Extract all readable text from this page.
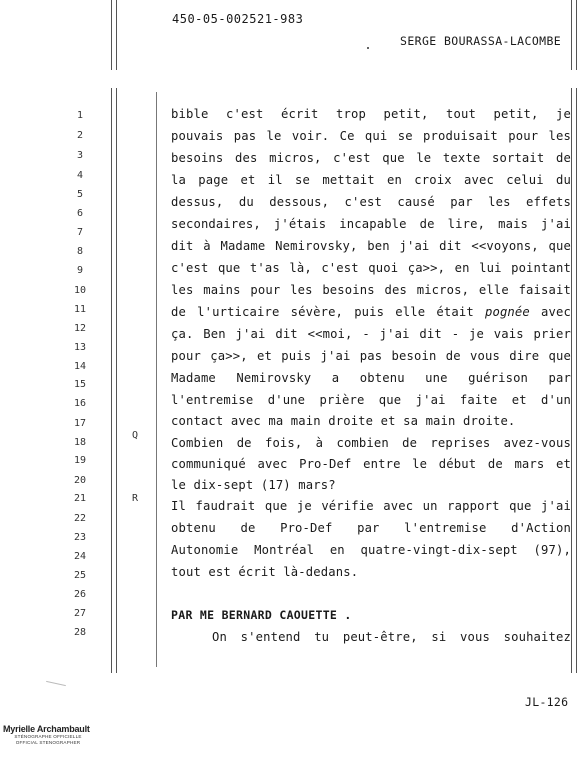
450-05-002521-983
SERGE BOURASSA-LACOMBE
1
2
3
4
5
6
7
8
9
10
11
12
13
14
15
16
17
18
19
20
21
22
23
24
25
26
27
28
Q
R
bible c'est écrit trop petit, tout petit, je
pouvais pas le voir. Ce qui se produisait pour les
besoins des micros, c'est que le texte sortait de
la page et il se mettait en croix avec celui du
dessus, du dessous, c'est causé par les effets
secondaires, j'étais incapable de lire, mais j'ai
dit à Madame Nemirovsky, ben j'ai dit <<voyons, que
c'est que t'as là, c'est quoi ça>>, en lui pointant
les mains pour les besoins des micros, elle faisait
de l'urticaire sévère, puis elle était pognée avec
ça. Ben j'ai dit <<moi, - j'ai dit - je vais prier
pour ça>>, et puis j'ai pas besoin de vous dire que
Madame Nemirovsky a obtenu une guérison par
l'entremise d'une prière que j'ai faite et d'un
contact avec ma main droite et sa main droite.
Combien de fois, à combien de reprises avez-vous
communiqué avec Pro-Def entre le début de mars et
le dix-sept (17) mars?
Il faudrait que je vérifie avec un rapport que j'ai
obtenu de Pro-Def par l'entremise d'Action
Autonomie Montréal en quatre-vingt-dix-sept (97),
tout est écrit là-dedans.
PAR ME BERNARD CAOUETTE .
On s'entend tu peut-être, si vous souhaitez
JL-126
Myrielle Archambault
STÉNOGRAPHE OFFICIELLE
OFFICIAL STENOGRAPHER
